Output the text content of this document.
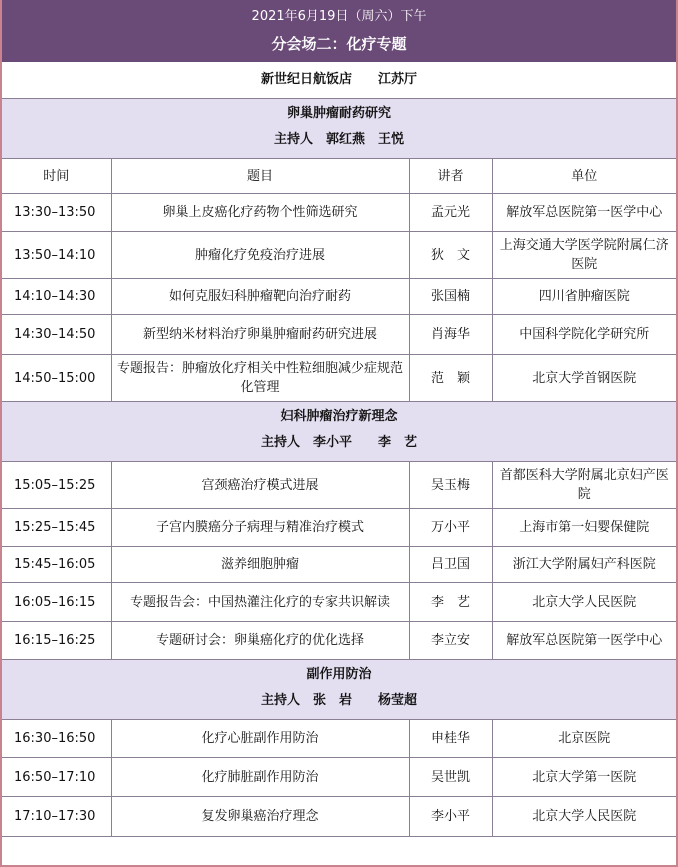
2021年6月19日（周六）下午
分会场二：化疗专题
新世纪日航饭店　　江苏厅
卵巢肿瘤耐药研究
主持人　郭红燕　王悦
时间	题目	讲者	单位
13:30–13:50	卵巢上皮癌化疗药物个性筛选研究	孟元光	解放军总医院第一医学中心
13:50–14:10	肿瘤化疗免疫治疗进展	狄　文	上海交通大学医学院附属仁济医院
14:10–14:30	如何克服妇科肿瘤靶向治疗耐药	张国楠	四川省肿瘤医院
14:30–14:50	新型纳米材料治疗卵巢肿瘤耐药研究进展	肖海华	中国科学院化学研究所
14:50–15:00	专题报告：肿瘤放化疗相关中性粒细胞减少症规范化管理	范　颖	北京大学首钢医院
妇科肿瘤治疗新理念
主持人　李小平　　李　艺
15:05–15:25	宫颈癌治疗模式进展	吴玉梅	首都医科大学附属北京妇产医院
15:25–15:45	子宫内膜癌分子病理与精准治疗模式	万小平	上海市第一妇婴保健院
15:45–16:05	滋养细胞肿瘤	吕卫国	浙江大学附属妇产科医院
16:05–16:15	专题报告会：中国热灌注化疗的专家共识解读	李　艺	北京大学人民医院
16:15–16:25	专题研讨会：卵巢癌化疗的优化选择	李立安	解放军总医院第一医学中心
副作用防治
主持人　张　岩　　杨莹超
16:30–16:50	化疗心脏副作用防治	申桂华	北京医院
16:50–17:10	化疗肺脏副作用防治	吴世凯	北京大学第一医院
17:10–17:30	复发卵巢癌治疗理念	李小平	北京大学人民医院
